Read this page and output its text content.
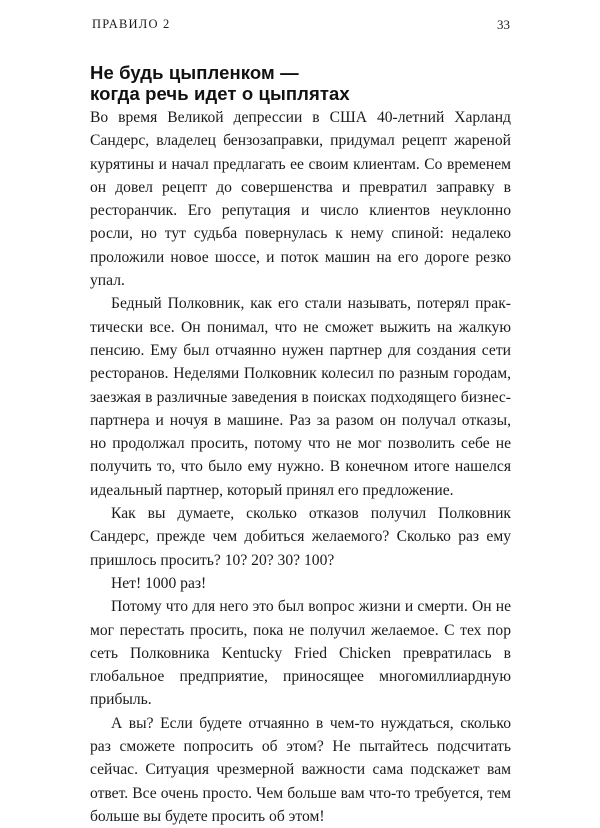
ПРАВИЛО 2	33
Не будь цыпленком —
когда речь идет о цыплятах

Во время Великой депрессии в США 40-летний Харланд Сандерс, владелец бензозаправки, придумал рецепт жареной курятины и начал предлагать ее своим клиентам. Со временем он довел рецепт до совершенства и превратил заправку в ресторанчик. Его репутация и число клиентов неуклонно росли, но тут судьба повернулась к нему спиной: недалеко проложили новое шоссе, и поток машин на его дороге резко упал.

Бедный Полковник, как его стали называть, потерял практически все. Он понимал, что не сможет выжить на жалкую пенсию. Ему был отчаянно нужен партнер для создания сети ресторанов. Неделями Полковник колесил по разным городам, заезжая в различные заведения в поисках подходящего бизнес-партнера и ночуя в машине. Раз за разом он получал отказы, но продолжал просить, потому что не мог позволить себе не получить то, что было ему нужно. В конечном итоге нашелся идеальный партнер, который принял его предложение.

Как вы думаете, сколько отказов получил Полковник Сандерс, прежде чем добиться желаемого? Сколько раз ему пришлось просить? 10? 20? 30? 100?

Нет! 1000 раз!

Потому что для него это был вопрос жизни и смерти. Он не мог перестать просить, пока не получил желаемое. С тех пор сеть Полковника Kentucky Fried Chicken превратилась в глобальное предприятие, приносящее многомиллиардную прибыль.

А вы? Если будете отчаянно в чем-то нуждаться, сколько раз сможете попросить об этом? Не пытайтесь подсчитать сейчас. Ситуация чрезмерной важности сама подскажет вам ответ. Все очень просто. Чем больше вам что-то требуется, тем больше вы будете просить об этом!
